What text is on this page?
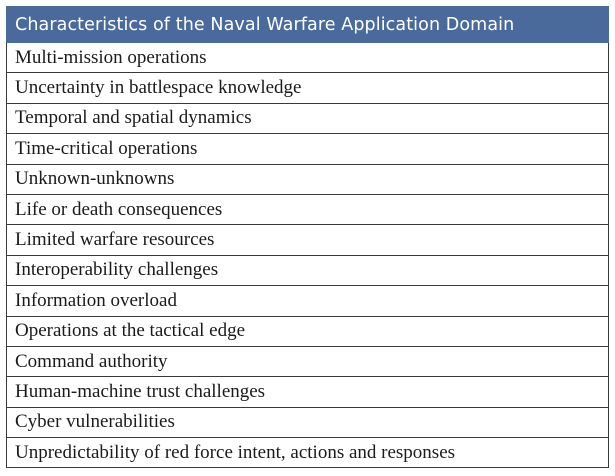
Characteristics of the Naval Warfare Application Domain
Multi-mission operations
Uncertainty in battlespace knowledge
Temporal and spatial dynamics
Time-critical operations
Unknown-unknowns
Life or death consequences
Limited warfare resources
Interoperability challenges
Information overload
Operations at the tactical edge
Command authority
Human-machine trust challenges
Cyber vulnerabilities
Unpredictability of red force intent, actions and responses
